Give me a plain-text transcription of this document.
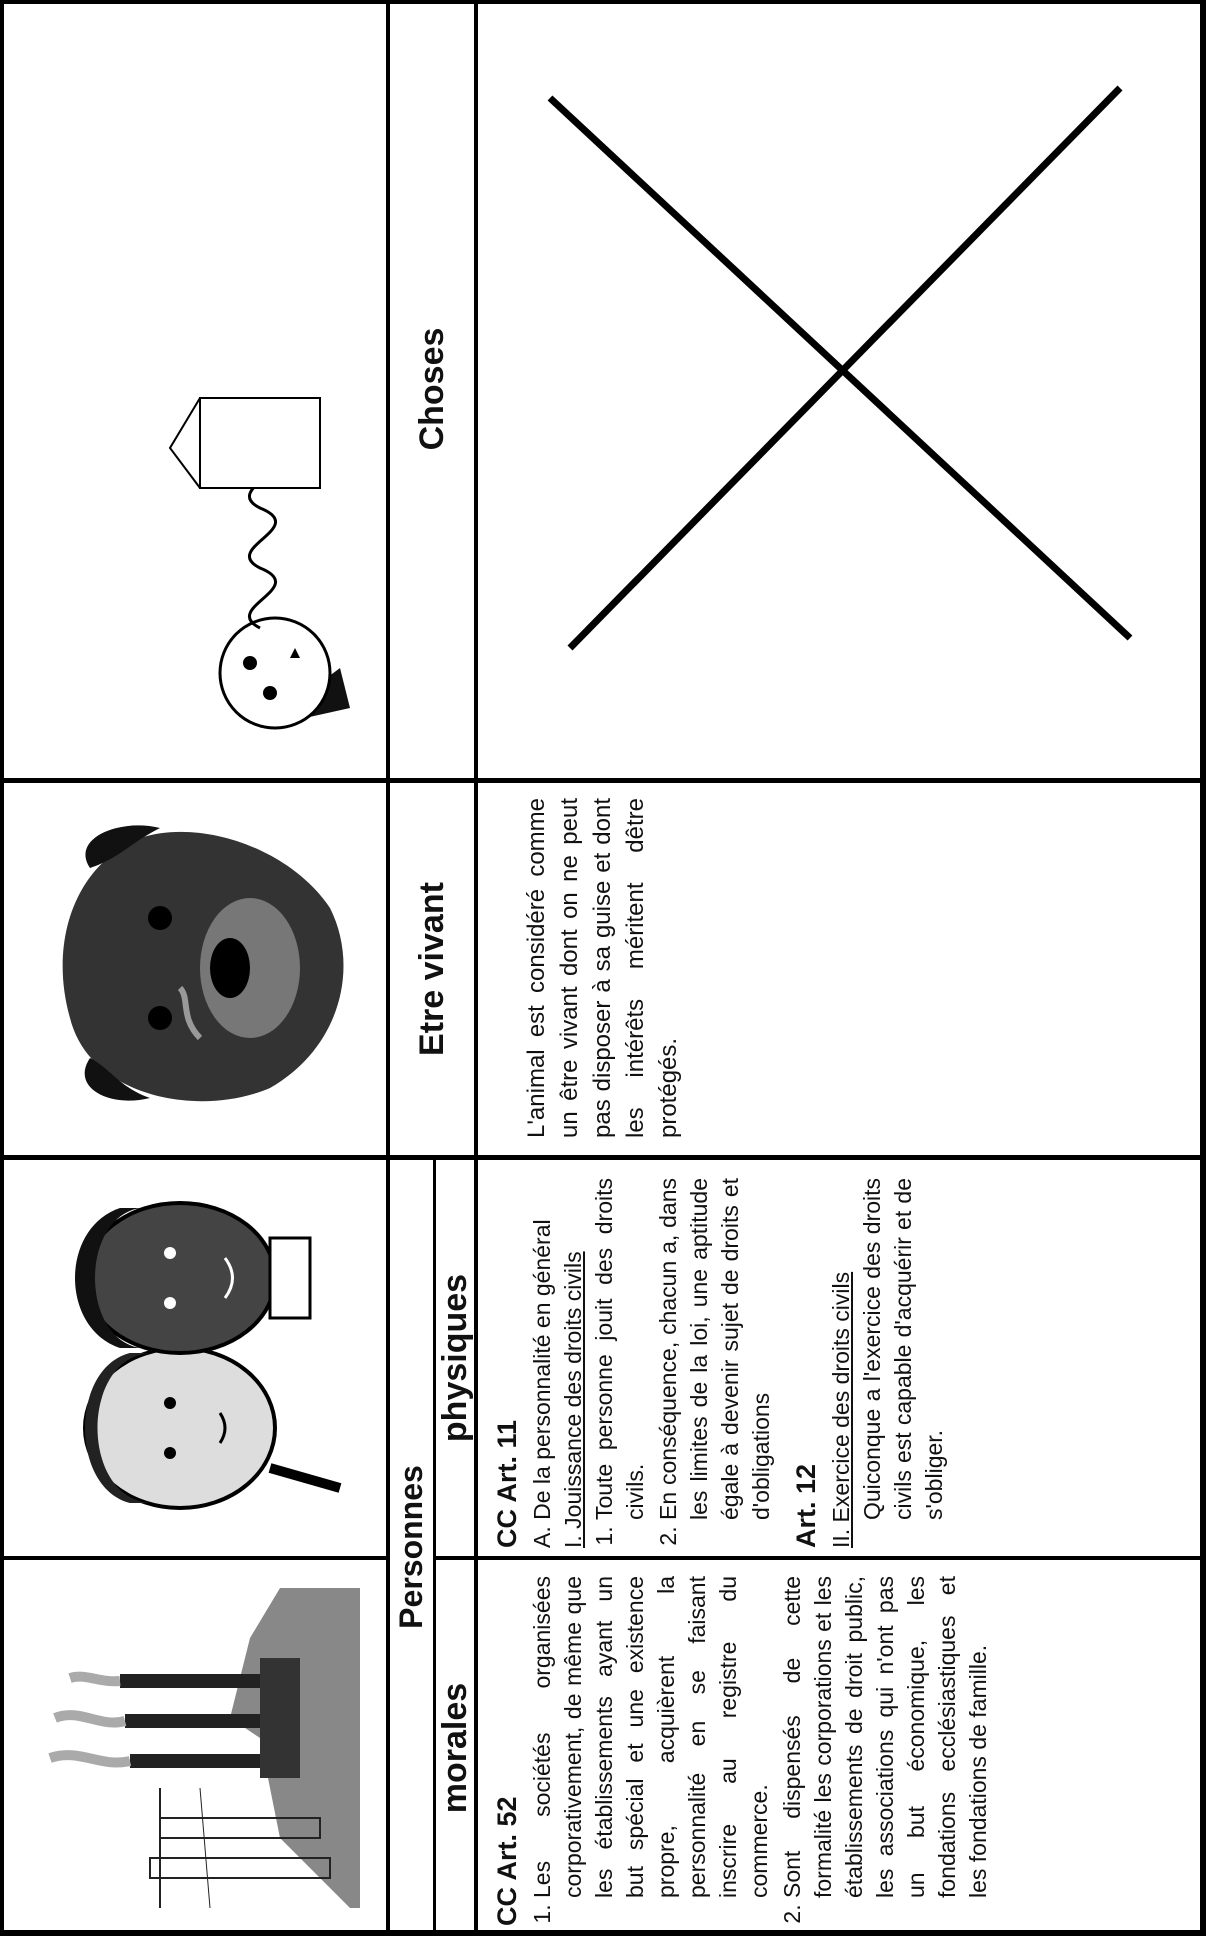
Personnes
morales
physiques
Etre vivant
Choses
CC Art. 52 1. Les sociétés organisées corporativement, de même que les établissements ayant un but spécial et une existence propre, acquièrent la personnalité en se faisant inscrire au registre du commerce. 2. Sont dispensés de cette formalité les corporations et les établissements de droit public, les associations qui n'ont pas un but économique, les fondations ecclésiastiques et les fondations de famille.
CC Art. 11 A. De la personnalité en général I. Jouissance des droits civils 1. Toute personne jouit des droits civils. 2. En conséquence, chacun a, dans les limites de la loi, une aptitude égale à devenir sujet de droits et d'obligations Art. 12 II. Exercice des droits civils Quiconque a l'exercice des droits civils est capable d'acquérir et de s'obliger.
L'animal est considéré comme un être vivant dont on ne peut pas disposer à sa guise et dont les intérêts méritent dêtre protégés.
